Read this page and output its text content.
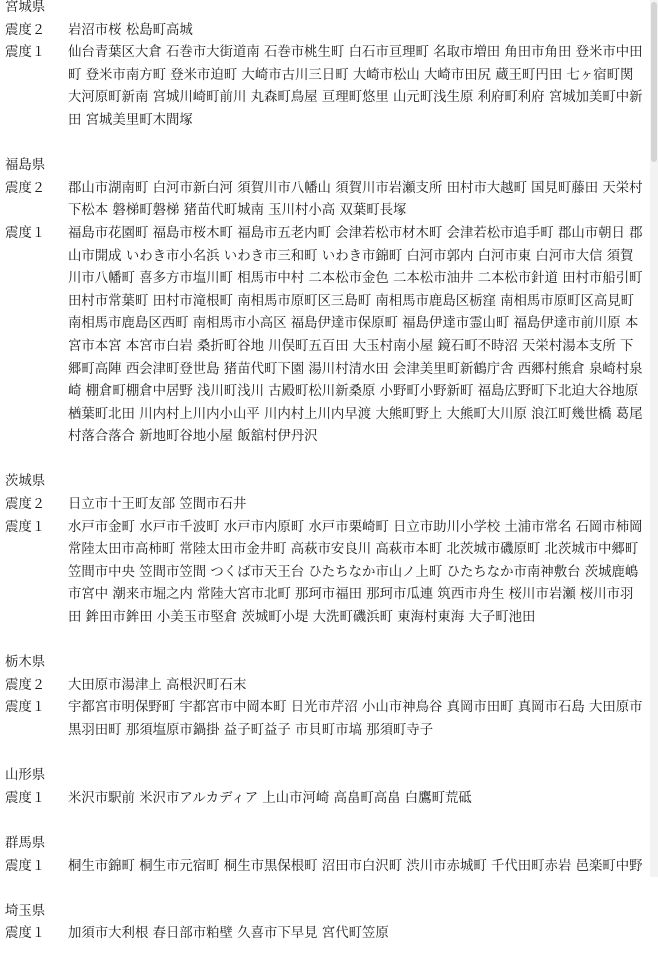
宮城県
震度２ 岩沼市桜 松島町高城
震度１ 仙台青葉区大倉 石巻市大街道南 石巻市桃生町 白石市亘理町 名取市増田 角田市角田 登米市中田町 登米市南方町 登米市迫町 大崎市古川三日町 大崎市松山 大崎市田尻 蔵王町円田 七ヶ宿町関 大河原町新南 宮城川崎町前川 丸森町鳥屋 亘理町悠里 山元町浅生原 利府町利府 宮城加美町中新田 宮城美里町木間塚
福島県
震度２ 郡山市湖南町 白河市新白河 須賀川市八幡山 須賀川市岩瀬支所 田村市大越町 国見町藤田 天栄村下松本 磐梯町磐梯 猪苗代町城南 玉川村小高 双葉町長塚
震度１ 福島市花園町 福島市桜木町 福島市五老内町 会津若松市材木町 会津若松市追手町 郡山市朝日 郡山市開成 いわき市小名浜 いわき市三和町 いわき市錦町 白河市郭内 白河市東 白河市大信 須賀川市八幡町 喜多方市塩川町 相馬市中村 二本松市金色 二本松市油井 二本松市針道 田村市船引町 田村市常葉町 田村市滝根町 南相馬市原町区三島町 南相馬市鹿島区栃窪 南相馬市原町区高見町 南相馬市鹿島区西町 南相馬市小高区 福島伊達市保原町 福島伊達市霊山町 福島伊達市前川原 本宮市本宮 本宮市白岩 桑折町谷地 川俣町五百田 大玉村南小屋 鏡石町不時沼 天栄村湯本支所 下郷町高陣 西会津町登世島 猪苗代町下園 湯川村清水田 会津美里町新鶴庁舎 西郷村熊倉 泉崎村泉崎 棚倉町棚倉中居野 浅川町浅川 古殿町松川新桑原 小野町小野新町 福島広野町下北迫大谷地原 楢葉町北田 川内村上川内小山平 川内村上川内早渡 大熊町野上 大熊町大川原 浪江町幾世橋 葛尾村落合落合 新地町谷地小屋 飯舘村伊丹沢
茨城県
震度２ 日立市十王町友部 笠間市石井
震度１ 水戸市金町 水戸市千波町 水戸市内原町 水戸市栗崎町 日立市助川小学校 土浦市常名 石岡市柿岡 常陸太田市高柿町 常陸太田市金井町 高萩市安良川 高萩市本町 北茨城市磯原町 北茨城市中郷町 笠間市中央 笠間市笠間 つくば市天王台 ひたちなか市山ノ上町 ひたちなか市南神敷台 茨城鹿嶋市宮中 潮来市堀之内 常陸大宮市北町 那珂市福田 那珂市瓜連 筑西市舟生 桜川市岩瀬 桜川市羽田 鉾田市鉾田 小美玉市堅倉 茨城町小堤 大洗町磯浜町 東海村東海 大子町池田
栃木県
震度２ 大田原市湯津上 高根沢町石末
震度１ 宇都宮市明保野町 宇都宮市中岡本町 日光市芹沼 小山市神鳥谷 真岡市田町 真岡市石島 大田原市黒羽田町 那須塩原市鍋掛 益子町益子 市貝町市塙 那須町寺子
山形県
震度１ 米沢市駅前 米沢市アルカディア 上山市河崎 高畠町高畠 白鷹町荒砥
群馬県
震度１ 桐生市錦町 桐生市元宿町 桐生市黒保根町 沼田市白沢町 渋川市赤城町 千代田町赤岩 邑楽町中野
埼玉県
震度１ 加須市大利根 春日部市粕壁 久喜市下早見 宮代町笠原
